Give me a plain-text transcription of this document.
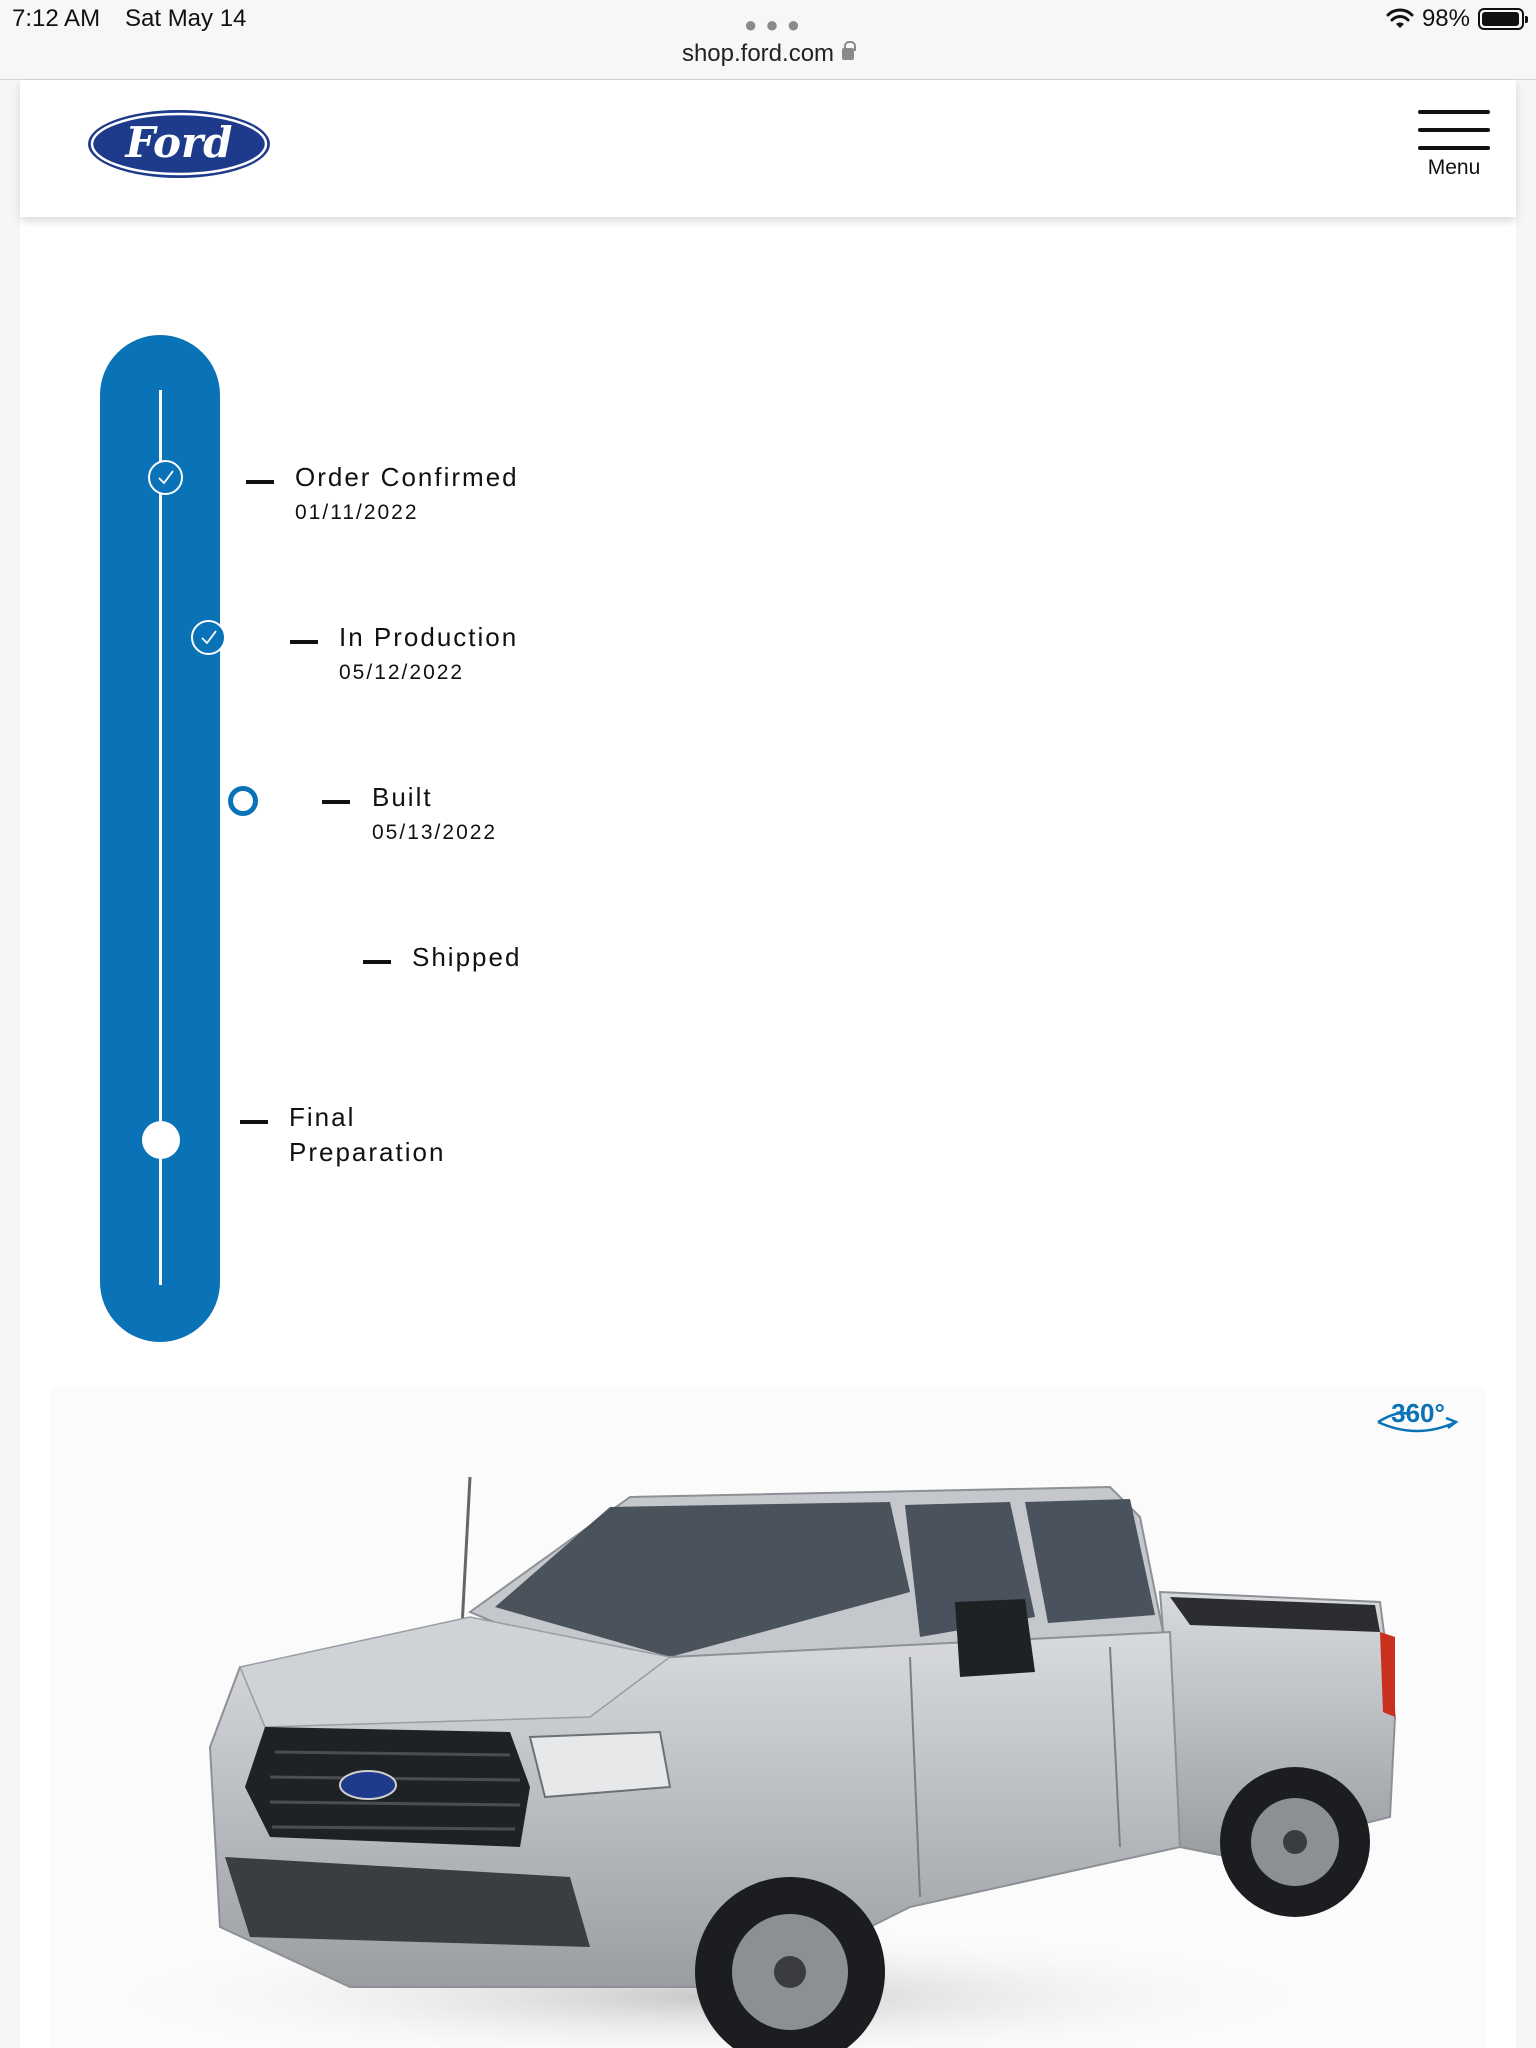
7:12 AM Sat May 14	● ● ●
shop.ford.com
98%
Ford
Menu
Order Confirmed
01/11/2022
In Production
05/12/2022
Built
05/13/2022
Shipped
Final
Preparation
360°
